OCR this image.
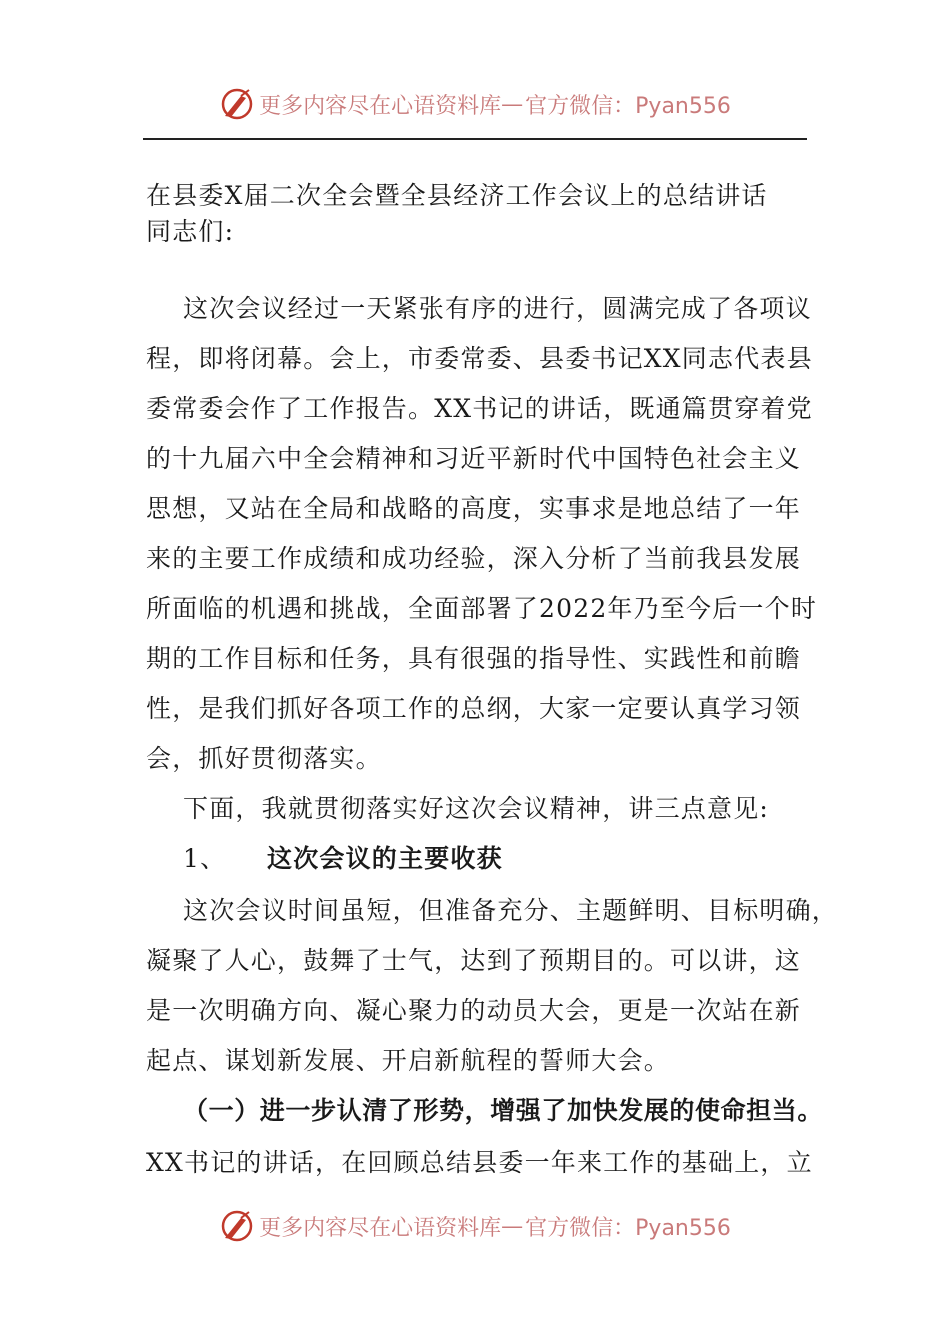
更多内容尽在心语资料库 — 官方微信：Pyan556
在县委X届二次全会暨全县经济工作会议上的总结讲话
同志们:
这次会议经过一天紧张有序的进行，圆满完成了各项议
程，即将闭幕。会上，市委常委、县委书记XX同志代表县
委常委会作了工作报告。XX书记的讲话，既通篇贯穿着党
的十九届六中全会精神和习近平新时代中国特色社会主义
思想，又站在全局和战略的高度，实事求是地总结了一年
来的主要工作成绩和成功经验，深入分析了当前我县发展
所面临的机遇和挑战，全面部署了2022年乃至今后一个时
期的工作目标和任务，具有很强的指导性、实践性和前瞻
性，是我们抓好各项工作的总纲，大家一定要认真学习领
会，抓好贯彻落实。
下面，我就贯彻落实好这次会议精神，讲三点意见:
1、 这次会议的主要收获
这次会议时间虽短，但准备充分、主题鲜明、目标明确，
凝聚了人心，鼓舞了士气，达到了预期目的。可以讲，这
是一次明确方向、凝心聚力的动员大会，更是一次站在新
起点、谋划新发展、开启新航程的誓师大会。
（一）进一步认清了形势，增强了加快发展的使命担当。
XX书记的讲话，在回顾总结县委一年来工作的基础上，立
更多内容尽在心语资料库 — 官方微信：Pyan556
